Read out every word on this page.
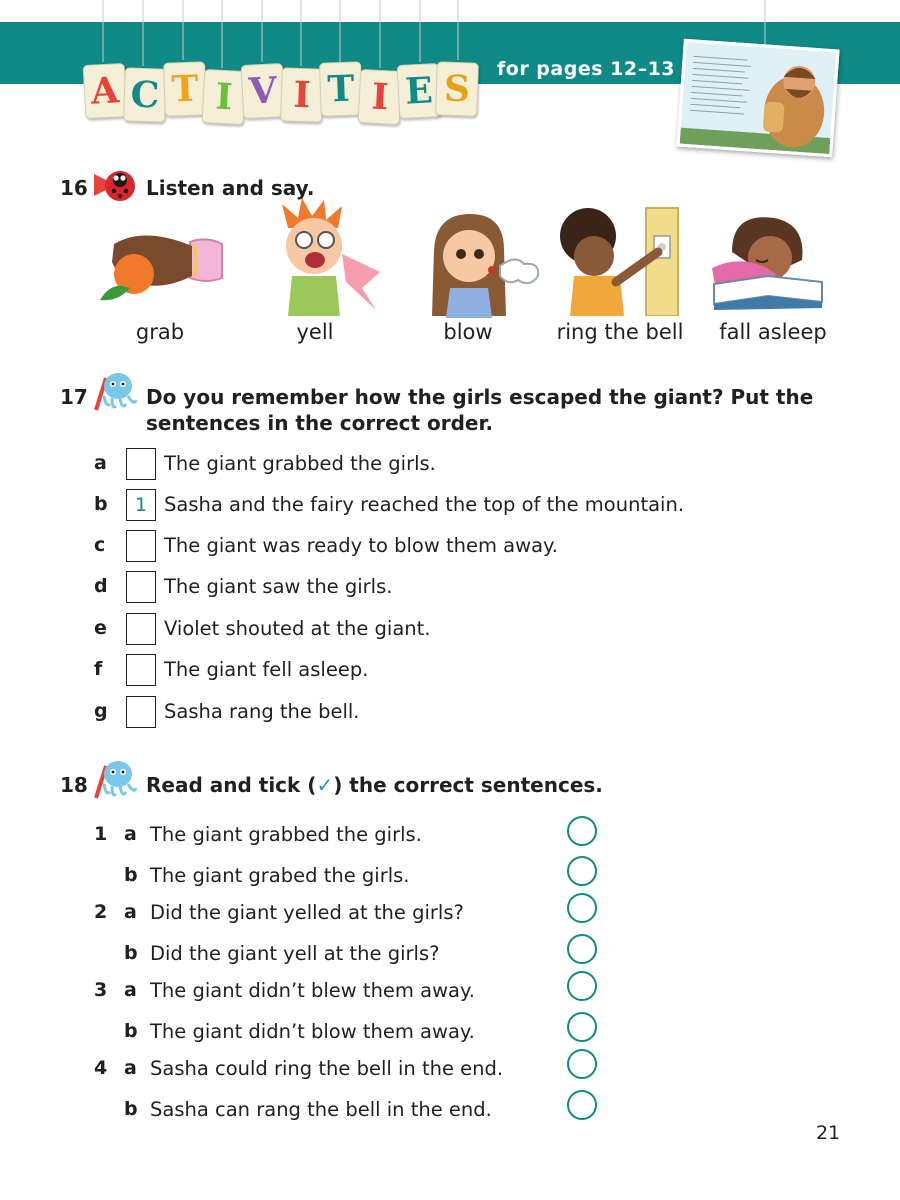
A C T I V I T I E S	for pages 12–13
16	Listen and say.
grab	yell	blow	ring the bell	fall asleep
17	Do you remember how the girls escaped the giant? Put the
sentences in the correct order.
a	The giant grabbed the girls.
b	1 Sasha and the fairy reached the top of the mountain.
c	The giant was ready to blow them away.
d	The giant saw the girls.
e	Violet shouted at the giant.
f	The giant fell asleep.
g	Sasha rang the bell.
18	Read and tick (✓) the correct sentences.
1 a The giant grabbed the girls.
b The giant grabed the girls.
2 a Did the giant yelled at the girls?
b Did the giant yell at the girls?
3 a The giant didn’t blew them away.
b The giant didn’t blow them away.
4 a Sasha could ring the bell in the end.
b Sasha can rang the bell in the end.
21
